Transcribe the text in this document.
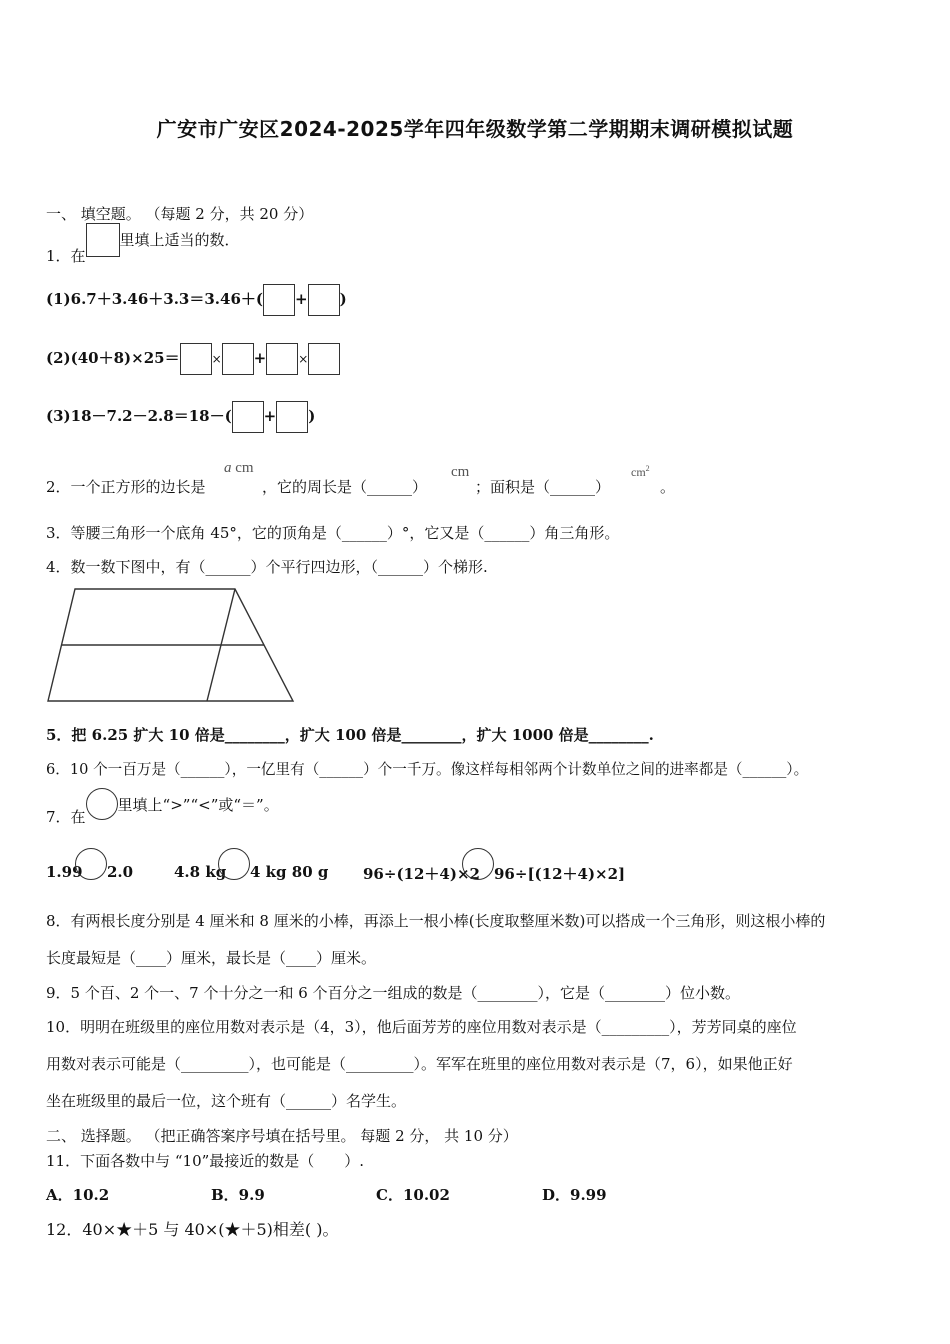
广安市广安区2024-2025学年四年级数学第二学期期末调研模拟试题
一、 填空题。 （每题 2 分，共 20 分）
1．在里填上适当的数．
(1)6.7＋3.46＋3.3＝3.46＋( + )
(2)(40＋8)×25＝	× +	×
(3)18－7.2－2.8＝18－( + )
2．一个正方形的边长是
a cm
，它的周长是（______）
cm
；面积是（______）
$cm^2$
。
3．等腰三角形一个底角 45°，它的顶角是（______）°，它又是（______）角三角形。
4．数一数下图中，有（______）个平行四边形，（______）个梯形.
5．把 6.25 扩大 10 倍是________，扩大 100 倍是________，扩大 1000 倍是________.
6．10 个一百万是（______），一亿里有（______）个一千万。像这样每相邻两个计数单位之间的进率都是（______）。
7．在里填上“>”“<”或“＝”。
1.99 2.0	4.8 kg 4 kg 80 g 96÷(12＋4)×2 96÷[(12＋4)×2]
8．有两根长度分别是 4 厘米和 8 厘米的小棒，再添上一根小棒(长度取整厘米数)可以搭成一个三角形，则这根小棒的
长度最短是（____）厘米，最长是（____）厘米。
9．5 个百、2 个一、7 个十分之一和 6 个百分之一组成的数是（________），它是（________）位小数。
10．明明在班级里的座位用数对表示是（4，3），他后面芳芳的座位用数对表示是（_________），芳芳同桌的座位
用数对表示可能是（_________），也可能是（_________）。军军在班里的座位用数对表示是（7，6），如果他正好
坐在班级里的最后一位，这个班有（______）名学生。
二、 选择题。 （把正确答案序号填在括号里。 每题 2 分， 共 10 分）
11．下面各数中与 “10”最接近的数是（　　）.
A．10.2	B．9.9	C．10.02	D．9.99
12．40×★＋5 与 40×(★＋5)相差( )。
